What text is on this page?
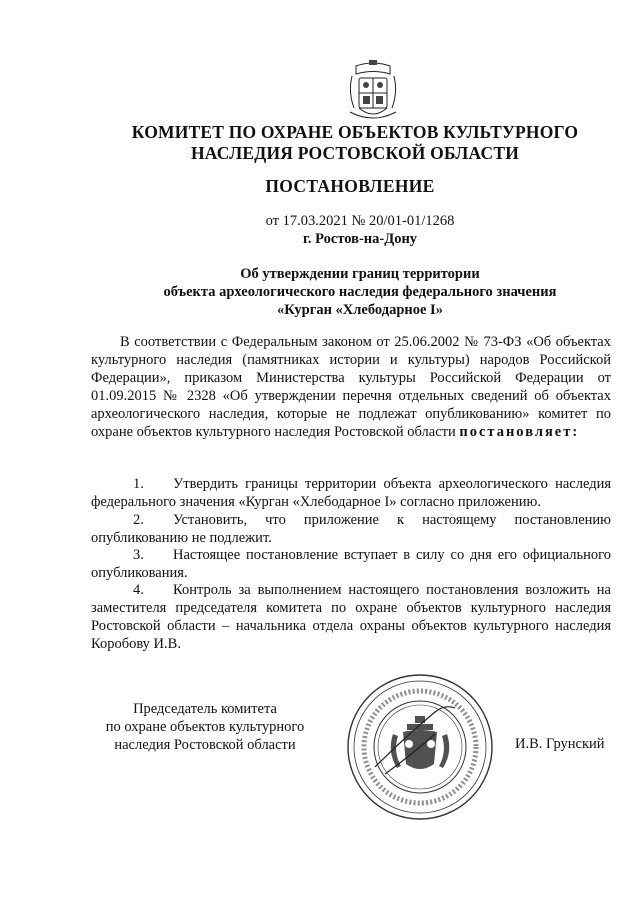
КОМИТЕТ ПО ОХРАНЕ ОБЪЕКТОВ КУЛЬТУРНОГО
НАСЛЕДИЯ РОСТОВСКОЙ ОБЛАСТИ
ПОСТАНОВЛЕНИЕ
от 17.03.2021 № 20/01-01/1268
г. Ростов-на-Дону
Об утверждении границ территории
объекта археологического наследия федерального значения
«Курган «Хлебодарное I»
В соответствии с Федеральным законом от 25.06.2002 № 73-ФЗ «Об объектах культурного наследия (памятниках истории и культуры) народов Российской Федерации», приказом Министерства культуры Российской Федерации от 01.09.2015 № 2328 «Об утверждении перечня отдельных сведений об объектах археологического наследия, которые не подлежат опубликованию» комитет по охране объектов культурного наследия Ростовской области постановляет:
1. Утвердить границы территории объекта археологического наследия федерального значения «Курган «Хлебодарное I» согласно приложению.
2. Установить, что приложение к настоящему постановлению опубликованию не подлежит.
3. Настоящее постановление вступает в силу со дня его официального опубликования.
4. Контроль за выполнением настоящего постановления возложить на заместителя председателя комитета по охране объектов культурного наследия Ростовской области – начальника отдела охраны объектов культурного наследия Коробову И.В.
Председатель комитета
по охране объектов культурного
наследия Ростовской области	И.В. Грунский
